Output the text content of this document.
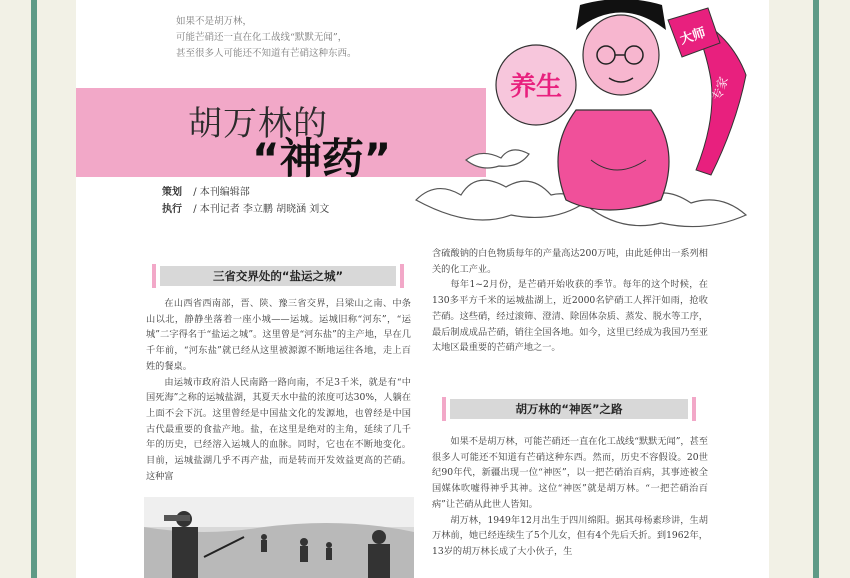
如果不是胡万林，
可能芒硝还一直在化工战线“默默无闻”，
甚至很多人可能还不知道有芒硝这种东西。
胡万林的
“神药”
策划 / 本刊编辑部
执行 / 本刊记者 李立鹏 胡晓涵 刘文
养生	专家
大师
三省交界处的“盐运之城”

在山西省西南部，晋、陕、豫三省交界，吕梁山之南、中条山以北，静静坐落着一座小城——运城。运城旧称“河东”，“运城”二字得名于“盐运之城”。这里曾是“河东盐”的主产地，早在几千年前，“河东盐”就已经从这里被源源不断地运往各地，走上百姓的餐桌。

由运城市政府沿人民南路一路向南，不足3千米，就是有“中国死海”之称的运城盐湖，其夏天水中盐的浓度可达30%，人躺在上面不会下沉。这里曾经是中国盐文化的发源地，也曾经是中国古代最重要的食盐产地。盐，在这里是绝对的主角，延续了几千年的历史，已经溶入运城人的血脉。同时，它也在不断地变化。目前，运城盐湖几乎不再产盐，而是转而开发效益更高的芒硝。这种富

含硫酸钠的白色物质每年的产量高达200万吨，由此延伸出一系列相关的化工产业。

每年1~2月份，是芒硝开始收获的季节。每年的这个时候，在130多平方千米的运城盐湖上，近2000名铲硝工人挥汗如雨，抢收芒硝。这些硝，经过滚筛、澄清、除固体杂质、蒸发、脱水等工序，最后制成成品芒硝，销往全国各地。如今，这里已经成为我国乃至亚太地区最重要的芒硝产地之一。

胡万林的“神医”之路

如果不是胡万林，可能芒硝还一直在化工战线“默默无闻”，甚至很多人可能还不知道有芒硝这种东西。然而，历史不容假设。20世纪90年代，新疆出现一位“神医”，以一把芒硝治百病，其事迹被全国媒体吹嘘得神乎其神。这位“神医”就是胡万林。“一把芒硝治百病”让芒硝从此世人皆知。

胡万林，1949年12月出生于四川绵阳。据其母杨素珍讲，生胡万林前，她已经连续生了5个儿女，但有4个先后夭折。到1962年，13岁的胡万林长成了大小伙子，生
